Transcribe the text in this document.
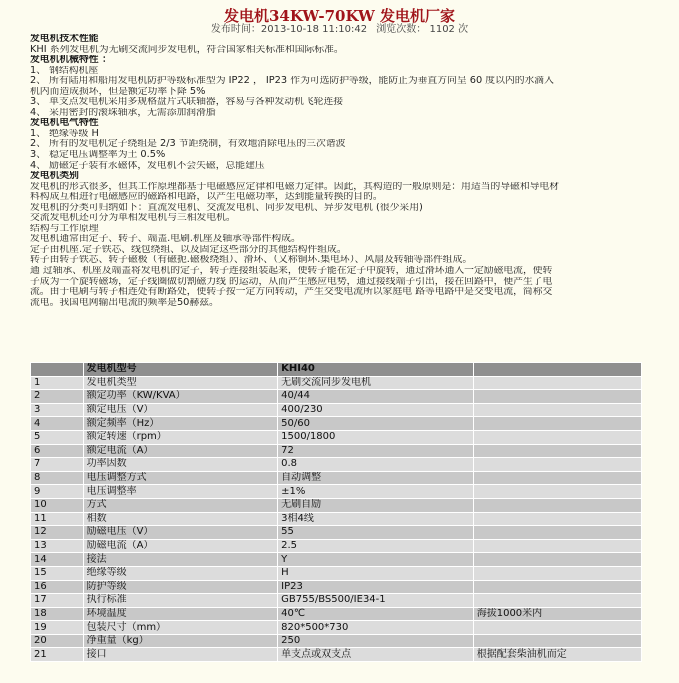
发电机34KW-70KW 发电机厂家
发布时间：2013-10-18 11:10:42 浏览次数： 1102 次

发电机技术性能

KHI 系列发电机为无刷交流同步发电机，符合国家相关标准和国际标准。

发电机机械特性 ：

1、 钢结构机座

2、 所有陆用和船用发电机防护等级标准型为 IP22 ， IP23 作为可选防护等级，能防止为垂直方向呈 60 度以内的水滴入

机内而造成损坏，但是额定功率下降 5%

3、 单支点发电机采用多规格盘片式联轴器，容易与各种发动机飞轮连接

4、 采用密封的滚珠轴承，无需添加润滑脂

发电机电气特性

1、 绝缘等级 H

2、 所有的发电机定子绕组是 2/3 节距绕制，有效地消除电压的三次谐波

3、 稳定电压调整率为土 0.5%

4、 励磁定子装有永磁体，发电机不会失磁，总能建压

发电机类别

发电机的形式很多，但其工作原理都基于电磁感应定律和电磁力定律。因此，其构造的一般原则是：用适当的导磁和导电材

料构成互相进行电磁感应的磁路和电路，以产生电磁功率，达到能量转换的目的。

发电机的分类可归纳如下：直流发电机、交流发电机、同步发电机、异步发电机 (很少采用)

交流发电机还可分为单相发电机与三相发电机。

结构与工作原理

发电机通常由定子、转子、端盖.电刷.机座及轴承等部件构成。

定子由机座.定子铁芯、线包绕组、以及固定这些部分的其他结构件组成。

转子由转子铁芯、转子磁极（有磁扼.磁极绕组）、滑环、（又称铜环.集电环）、风扇及转轴等部件组成。

通 过轴承、机座及端盖将发电机的定子，转子连接组装起来，使转子能在定子中旋转，通过滑环通入一定励磁电流，使转

子成为一个旋转磁场，定子线圈做切割磁力线 的运动，从而产生感应电势，通过接线端子引出，接在回路中，便产生了电

流。由于电刷与转子相连处有断路处，使转子按一定方向转动，产生交变电流所以家庭电 路等电路中是交变电流，简称交

流电。我国电网输出电流的频率是50赫兹。

	发电机型号	KHI40	
1	发电机类型	无刷交流同步发电机	
2	额定功率（KW/KVA）	40/44	
3	额定电压（V）	400/230	
4	额定频率（Hz）	50/60	
5	额定转速（rpm）	1500/1800	
6	额定电流（A）	72	
7	功率因数	0.8	
8	电压调整方式	自动调整	
9	电压调整率	±1%	
10	方式	无刷自励	
11	相数	3相4线	
12	励磁电压（V）	55	
13	励磁电流（A）	2.5	
14	接法	Y	
15	绝缘等级	H	
16	防护等级	IP23	
17	执行标准	GB755/BS500/IE34-1	
18	环境温度	40℃	海拔1000米内
19	包装尺寸（mm）	820*500*730	
20	净重量（kg）	250	
21	接口	单支点或双支点	根据配套柴油机而定
